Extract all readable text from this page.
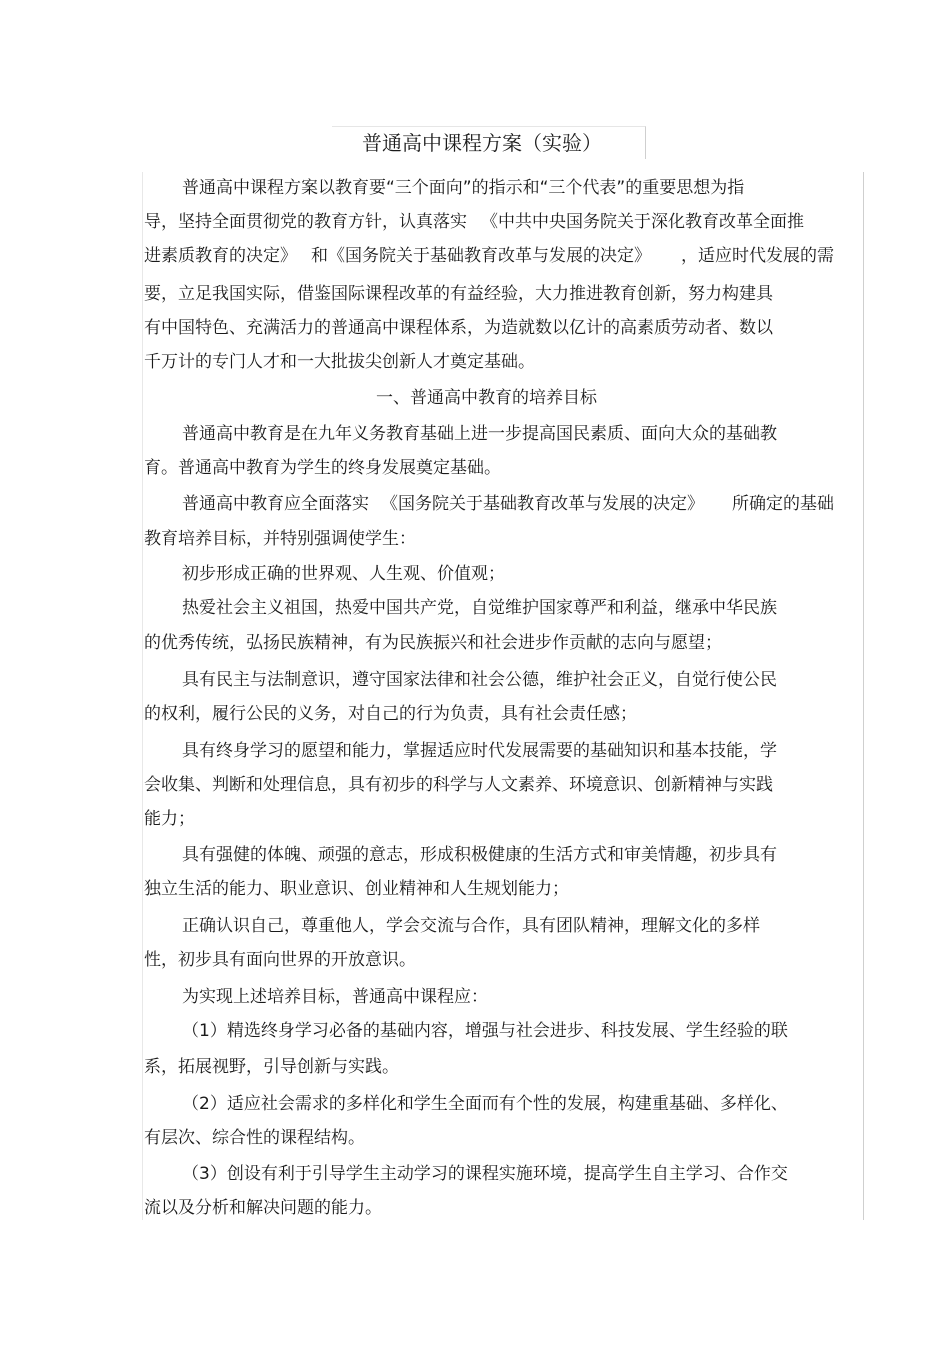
普通高中课程方案（实验）
普通高中课程方案以教育要“三个面向”的指示和“三个代表”的重要思想为指
导，坚持全面贯彻党的教育方针，认真落实 《中共中央国务院关于深化教育改革全面推
进素质教育的决定》 和《国务院关于基础教育改革与发展的决定》 ，适应时代发展的需
要，立足我国实际，借鉴国际课程改革的有益经验，大力推进教育创新，努力构建具
有中国特色、充满活力的普通高中课程体系，为造就数以亿计的高素质劳动者、数以
千万计的专门人才和一大批拔尖创新人才奠定基础。
一、普通高中教育的培养目标
普通高中教育是在九年义务教育基础上进一步提高国民素质、面向大众的基础教
育。普通高中教育为学生的终身发展奠定基础。
普通高中教育应全面落实 《国务院关于基础教育改革与发展的决定》 所确定的基础
教育培养目标，并特别强调使学生：
初步形成正确的世界观、人生观、价值观；
热爱社会主义祖国，热爱中国共产党，自觉维护国家尊严和利益，继承中华民族
的优秀传统，弘扬民族精神，有为民族振兴和社会进步作贡献的志向与愿望；
具有民主与法制意识，遵守国家法律和社会公德，维护社会正义，自觉行使公民
的权利，履行公民的义务，对自己的行为负责，具有社会责任感；
具有终身学习的愿望和能力，掌握适应时代发展需要的基础知识和基本技能，学
会收集、判断和处理信息，具有初步的科学与人文素养、环境意识、创新精神与实践
能力；
具有强健的体魄、顽强的意志，形成积极健康的生活方式和审美情趣，初步具有
独立生活的能力、职业意识、创业精神和人生规划能力；
正确认识自己，尊重他人，学会交流与合作，具有团队精神，理解文化的多样
性，初步具有面向世界的开放意识。
为实现上述培养目标，普通高中课程应：
（1）精选终身学习必备的基础内容，增强与社会进步、科技发展、学生经验的联
系，拓展视野，引导创新与实践。
（2）适应社会需求的多样化和学生全面而有个性的发展，构建重基础、多样化、
有层次、综合性的课程结构。
（3）创设有利于引导学生主动学习的课程实施环境，提高学生自主学习、合作交
流以及分析和解决问题的能力。
